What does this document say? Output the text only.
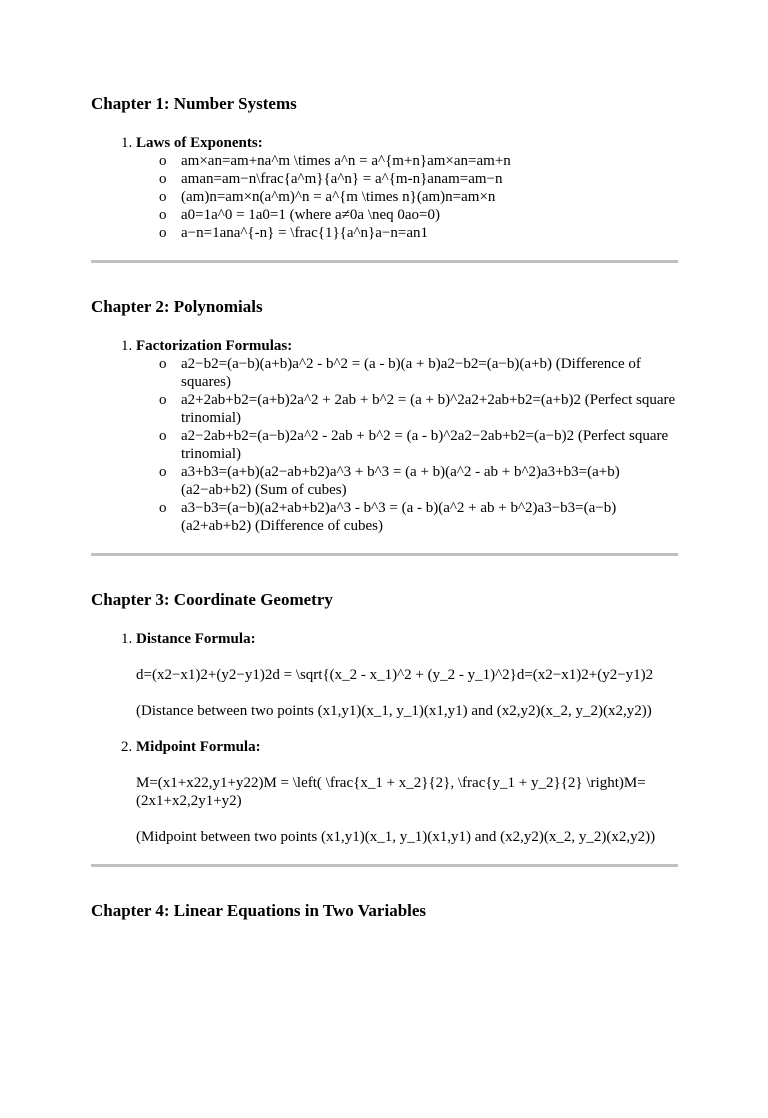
Chapter 1: Number Systems
1. Laws of Exponents:
o am×an=am+na^m \times a^n = a^{m+n}am×an=am+n
o aman=am−n\frac{a^m}{a^n} = a^{m-n}anam=am−n
o (am)n=am×n(a^m)^n = a^{m \times n}(am)n=am×n
o a0=1a^0 = 1a0=1 (where a≠0a \neq 0ao=0)
o a−n=1ana^{-n} = \frac{1}{a^n}a−n=an1
Chapter 2: Polynomials
1. Factorization Formulas:
o a2−b2=(a−b)(a+b)a^2 - b^2 = (a - b)(a + b)a2−b2=(a−b)(a+b) (Difference of squares)
o a2+2ab+b2=(a+b)2a^2 + 2ab + b^2 = (a + b)^2a2+2ab+b2=(a+b)2 (Perfect square trinomial)
o a2−2ab+b2=(a−b)2a^2 - 2ab + b^2 = (a - b)^2a2−2ab+b2=(a−b)2 (Perfect square trinomial)
o a3+b3=(a+b)(a2−ab+b2)a^3 + b^3 = (a + b)(a^2 - ab + b^2)a3+b3=(a+b)(a2−ab+b2) (Sum of cubes)
o a3−b3=(a−b)(a2+ab+b2)a^3 - b^3 = (a - b)(a^2 + ab + b^2)a3−b3=(a−b)(a2+ab+b2) (Difference of cubes)
Chapter 3: Coordinate Geometry
1. Distance Formula:

d=(x2−x1)2+(y2−y1)2d = \sqrt{(x_2 - x_1)^2 + (y_2 - y_1)^2}d=(x2−x1)2+(y2−y1)2

(Distance between two points (x1,y1)(x_1, y_1)(x1,y1) and (x2,y2)(x_2, y_2)(x2,y2))

2. Midpoint Formula:

M=(x1+x22,y1+y22)M = \left( \frac{x_1 + x_2}{2}, \frac{y_1 + y_2}{2} \right)M=(2x1+x2,2y1+y2)

(Midpoint between two points (x1,y1)(x_1, y_1)(x1,y1) and (x2,y2)(x_2, y_2)(x2,y2))

Chapter 4: Linear Equations in Two Variables
